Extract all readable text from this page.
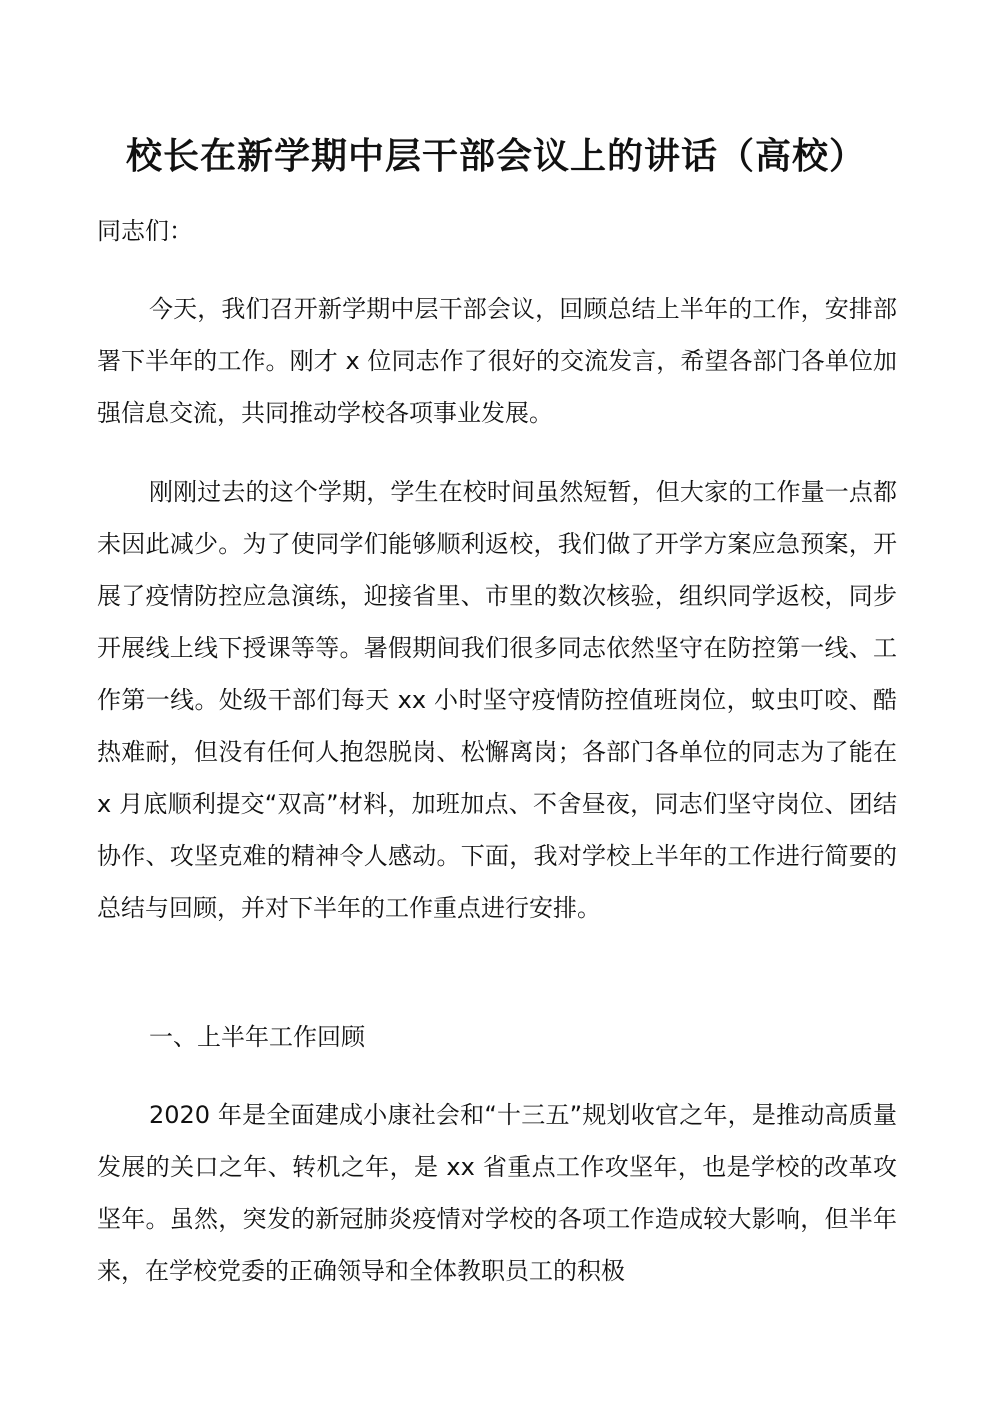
校长在新学期中层干部会议上的讲话（高校）
同志们：
今天，我们召开新学期中层干部会议，回顾总结上半年的工作，安排部署下半年的工作。刚才 x 位同志作了很好的交流发言，希望各部门各单位加强信息交流，共同推动学校各项事业发展。
刚刚过去的这个学期，学生在校时间虽然短暂，但大家的工作量一点都未因此减少。为了使同学们能够顺利返校，我们做了开学方案应急预案，开展了疫情防控应急演练，迎接省里、市里的数次核验，组织同学返校，同步开展线上线下授课等等。暑假期间我们很多同志依然坚守在防控第一线、工作第一线。处级干部们每天 xx 小时坚守疫情防控值班岗位，蚊虫叮咬、酷热难耐，但没有任何人抱怨脱岗、松懈离岗；各部门各单位的同志为了能在 x 月底顺利提交“双高”材料，加班加点、不舍昼夜，同志们坚守岗位、团结协作、攻坚克难的精神令人感动。下面，我对学校上半年的工作进行简要的总结与回顾，并对下半年的工作重点进行安排。
一、上半年工作回顾
2020 年是全面建成小康社会和“十三五”规划收官之年，是推动高质量发展的关口之年、转机之年，是 xx 省重点工作攻坚年，也是学校的改革攻坚年。虽然，突发的新冠肺炎疫情对学校的各项工作造成较大影响，但半年来，在学校党委的正确领导和全体教职员工的积极
